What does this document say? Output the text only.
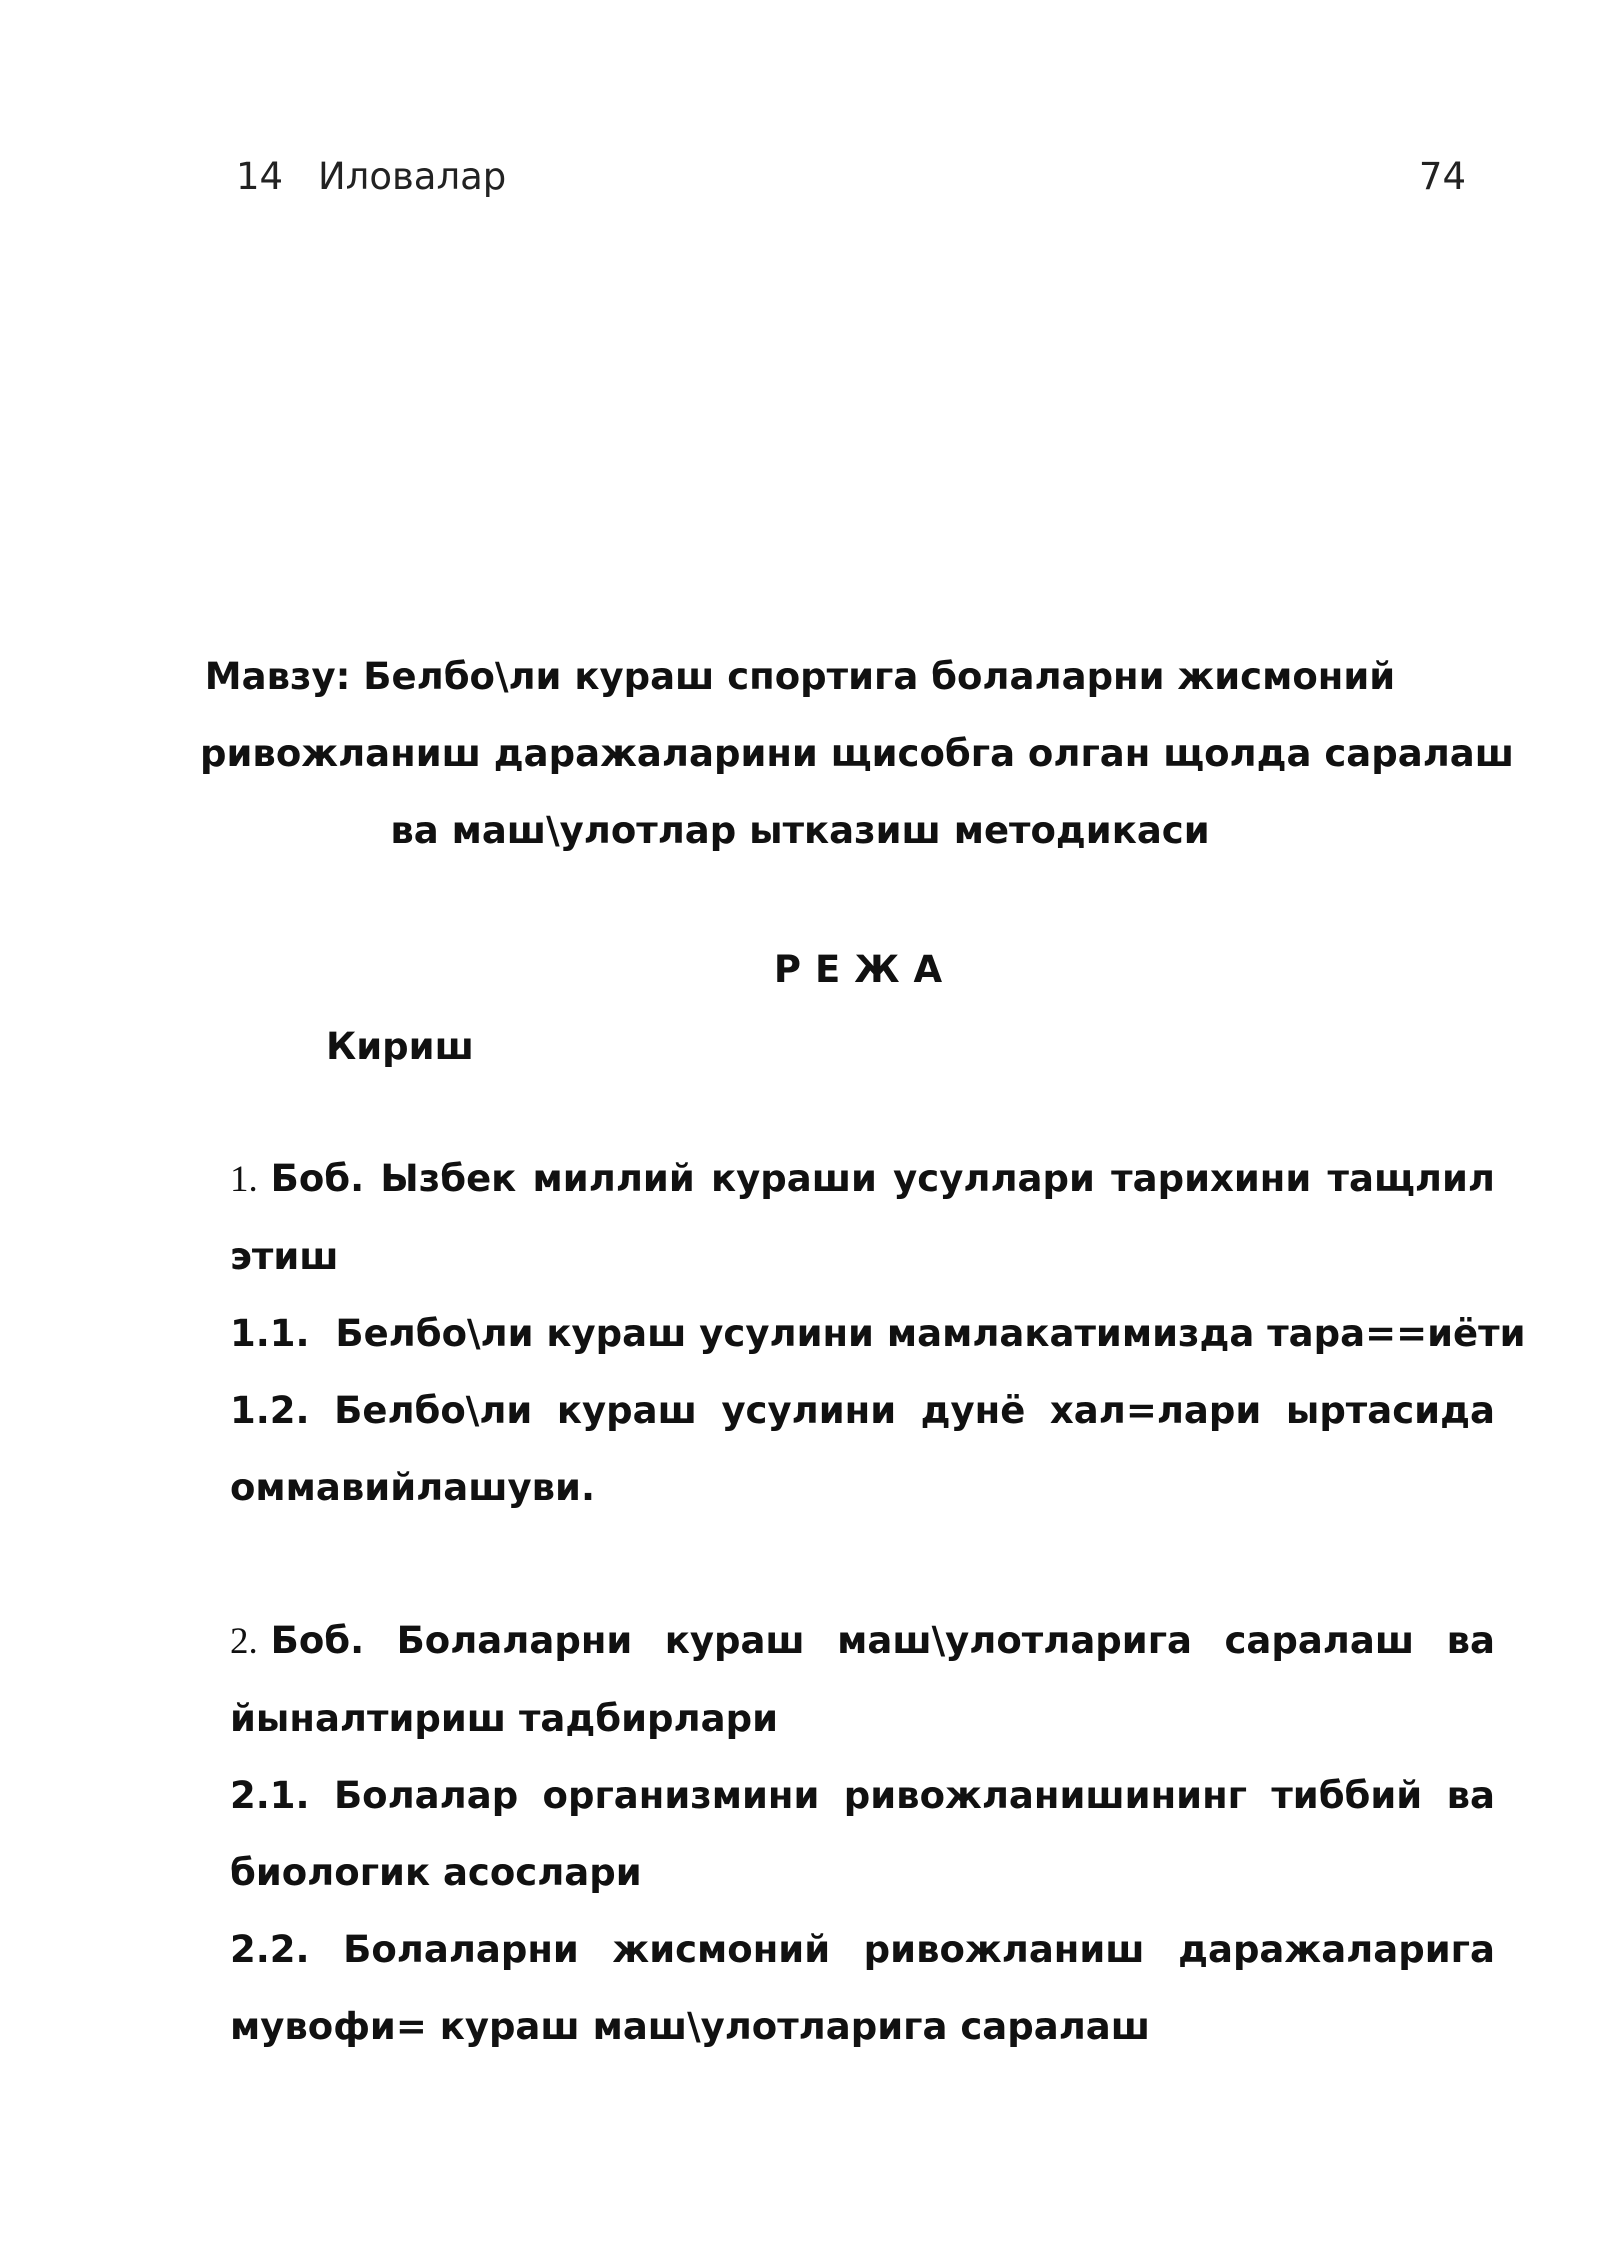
14 Иловалар	74
Мавзу: Белбо\ли кураш спортига болаларни жисмоний
ривожланиш даражаларини щисобга олган щолда саралаш
ва маш\улотлар ыткaзиш методикаси
РЕЖА
Кириш
1. Боб. Ызбек миллий кураши усуллари тарихини тащлил
этиш
1.1.  Белбо\ли кураш усулини мамлакатимизда тара==иёти
1.2. Белбо\ли кураш усулини дунё хал=лари ыртасида
оммавийлашуви.
2. Боб. Болаларни кураш маш\улотларига саралаш ва
йыналтириш тадбирлари
2.1. Болалар организмини ривожланишининг тиббий ва
биологик асослари
2.2. Болаларни жисмоний ривожланиш даражаларига
мувофи= кураш маш\улотларига саралаш
